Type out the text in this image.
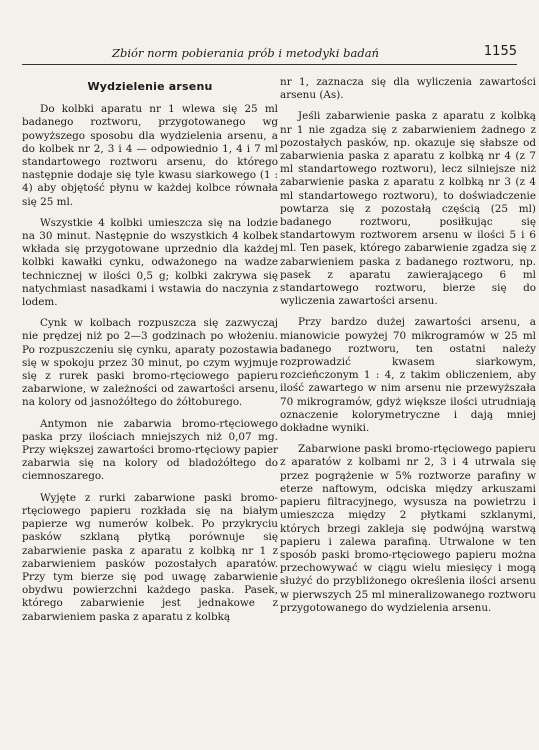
Zbiór norm pobierania prób i metodyki badań	1155
Wydzielenie arsenu

Do kolbki aparatu nr 1 wlewa się 25 ml badanego roztworu, przygotowanego wg powyższego sposobu dla wydzielenia arsenu, a do kolbek nr 2, 3 i 4 — odpowiednio 1, 4 i 7 ml standartowego roztworu arsenu, do którego następnie dodaje się tyle kwasu siarkowego (1 : 4) aby objętość płynu w każdej kolbce równała się 25 ml.

Wszystkie 4 kolbki umieszcza się na lodzie na 30 minut. Następnie do wszystkich 4 kolbek wkłada się przygotowane uprzednio dla każdej kolbki kawałki cynku, odważonego na wadze technicznej w ilości 0,5 g; kolbki zakrywa się natychmiast nasadkami i wstawia do naczynia z lodem.

Cynk w kolbach rozpuszcza się zazwyczaj nie prędzej niż po 2—3 godzinach po włożeniu. Po rozpuszczeniu się cynku, aparaty pozostawia się w spokoju przez 30 minut, po czym wyjmuje się z rurek paski bromo-rtęciowego papieru zabarwione, w zależności od zawartości arsenu, na kolory od jasnożółtego do żółtoburego.

Antymon nie zabarwia bromo-rtęciowego paska przy ilościach mniejszych niż 0,07 mg. Przy większej zawartości bromo-rtęciowy papier zabarwia się na kolory od bladożółtego do ciemnoszarego.

Wyjęte z rurki zabarwione paski bromo-rtęciowego papieru rozkłada się na białym papierze wg numerów kolbek. Po przykryciu pasków szklaną płytką porównuje się zabarwienie paska z aparatu z kolbką nr 1 z zabarwieniem pasków pozostałych aparatów. Przy tym bierze się pod uwagę zabarwienie obydwu powierzchni każdego paska. Pasek, którego zabarwienie jest jednakowe z zabarwieniem paska z aparatu z kolbką

nr 1, zaznacza się dla wyliczenia zawartości arsenu (As).

Jeśli zabarwienie paska z aparatu z kolbką nr 1 nie zgadza się z zabarwieniem żadnego z pozostałych pasków, np. okazuje się słabsze od zabarwienia paska z aparatu z kolbką nr 4 (z 7 ml standartowego roztworu), lecz silniejsze niż zabarwienie paska z aparatu z kolbką nr 3 (z 4 ml standartowego roztworu), to doświadczenie powtarza się z pozostałą częścią (25 ml) badanego roztworu, posiłkując się standartowym roztworem arsenu w ilości 5 i 6 ml. Ten pasek, którego zabarwienie zgadza się z zabarwieniem paska z badanego roztworu, np. pasek z aparatu zawierającego 6 ml standartowego roztworu, bierze się do wyliczenia zawartości arsenu.

Przy bardzo dużej zawartości arsenu, a mianowicie powyżej 70 mikrogramów w 25 ml badanego roztworu, ten ostatni należy rozprowadzić kwasem siarkowym, rozcieńczonym 1 : 4, z takim obliczeniem, aby ilość zawartego w nim arsenu nie przewyższała 70 mikrogramów, gdyż większe ilości utrudniają oznaczenie kolorymetryczne i dają mniej dokładne wyniki.

Zabarwione paski bromo-rtęciowego papieru z aparatów z kolbami nr 2, 3 i 4 utrwala się przez pogrążenie w 5% roztworze parafiny w eterze naftowym, odciska między arkuszami papieru filtracyjnego, wysusza na powietrzu i umieszcza między 2 płytkami szklanymi, których brzegi zakleja się podwójną warstwą papieru i zalewa parafiną. Utrwalone w ten sposób paski bromo-rtęciowego papieru można przechowywać w ciągu wielu miesięcy i mogą służyć do przybliżonego określenia ilości arsenu w pierwszych 25 ml mineralizowanego roztworu przygotowanego do wydzielenia arsenu.
